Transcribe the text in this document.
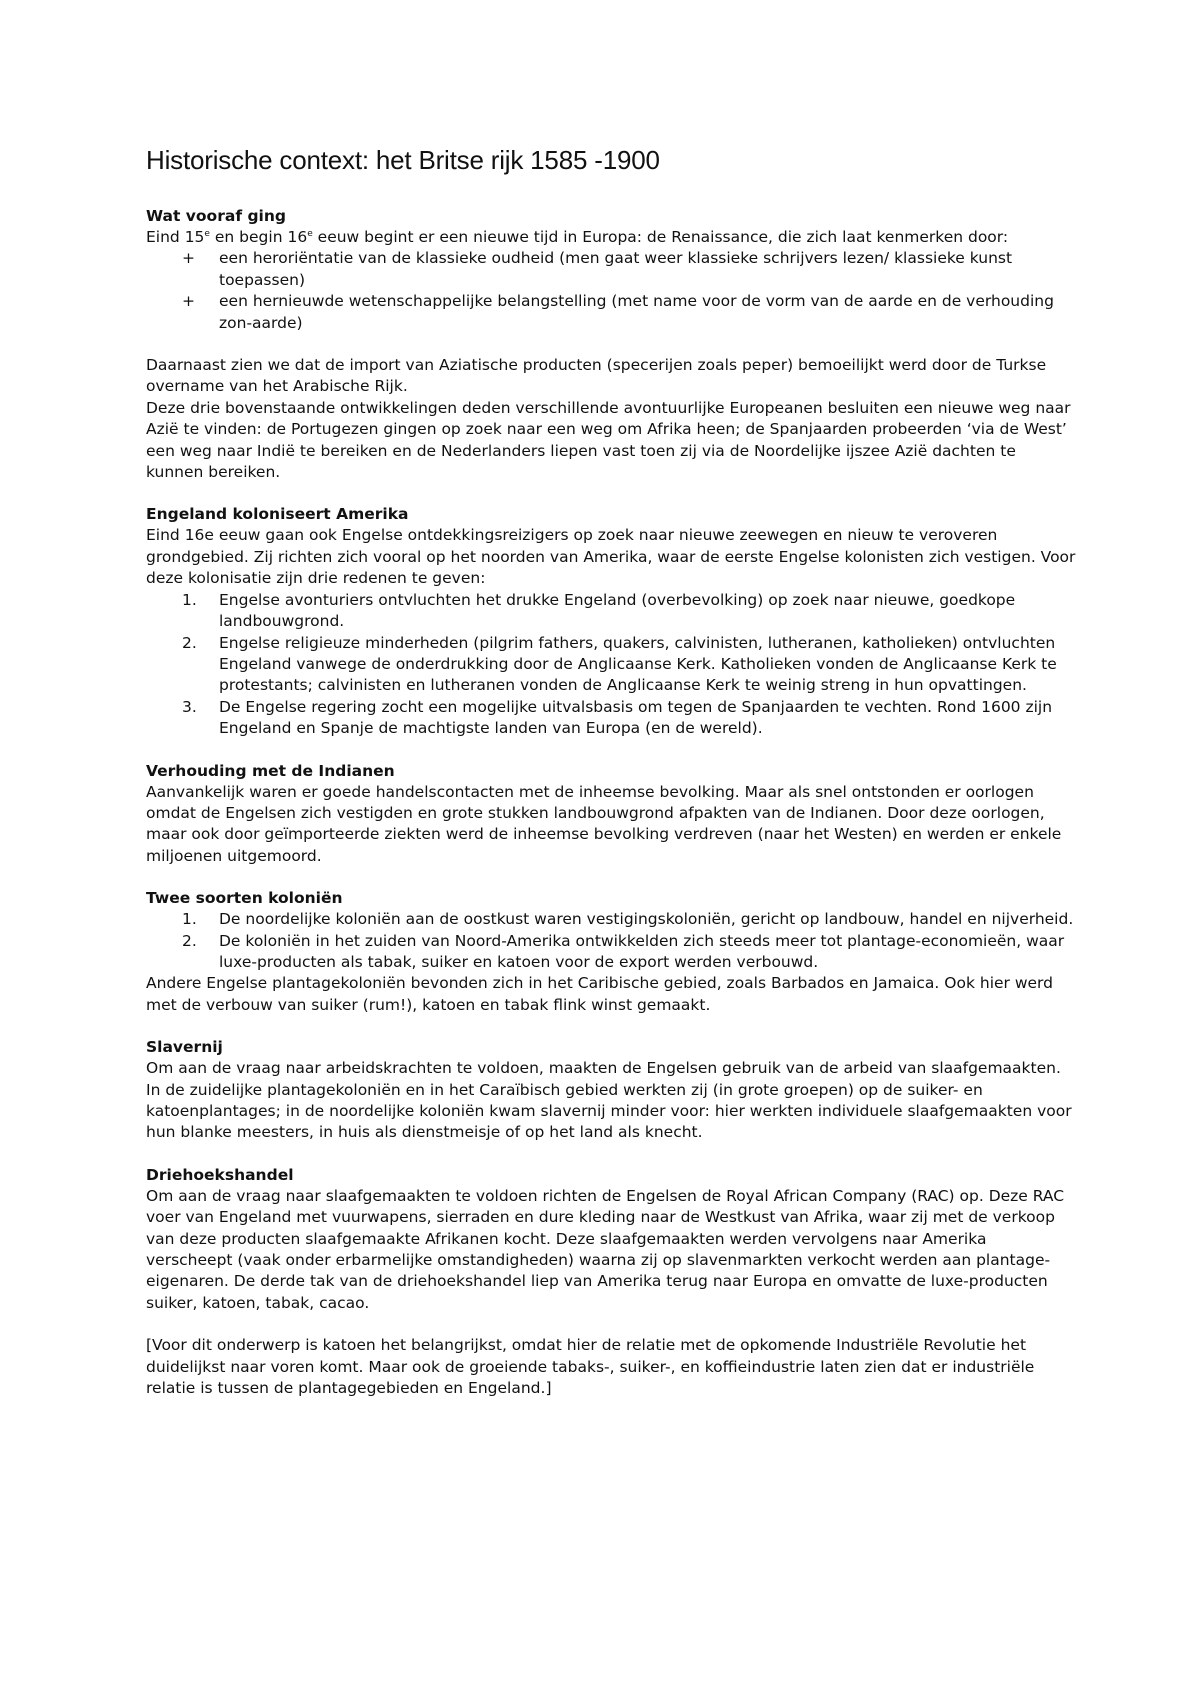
Historische context: het Britse rijk 1585 -1900
Wat vooraf ging

Eind 15e en begin 16e eeuw begint er een nieuwe tijd in Europa: de Renaissance, die zich laat kenmerken door:

+ een heroriëntatie van de klassieke oudheid (men gaat weer klassieke schrijvers lezen/ klassieke kunst toepassen)
+ een hernieuwde wetenschappelijke belangstelling (met name voor de vorm van de aarde en de verhouding zon-aarde)

Daarnaast zien we dat de import van Aziatische producten (specerijen zoals peper) bemoeilijkt werd door de Turkse overname van het Arabische Rijk.

Deze drie bovenstaande ontwikkelingen deden verschillende avontuurlijke Europeanen besluiten een nieuwe weg naar Azië te vinden: de Portugezen gingen op zoek naar een weg om Afrika heen; de Spanjaarden probeerden ‘via de West’ een weg naar Indië te bereiken en de Nederlanders liepen vast toen zij via de Noordelijke ijszee Azië dachten te kunnen bereiken.

Engeland koloniseert Amerika

Eind 16e eeuw gaan ook Engelse ontdekkingsreizigers op zoek naar nieuwe zeewegen en nieuw te veroveren grondgebied. Zij richten zich vooral op het noorden van Amerika, waar de eerste Engelse kolonisten zich vestigen. Voor deze kolonisatie zijn drie redenen te geven:

1. Engelse avonturiers ontvluchten het drukke Engeland (overbevolking) op zoek naar nieuwe, goedkope landbouwgrond.
2. Engelse religieuze minderheden (pilgrim fathers, quakers, calvinisten, lutheranen, katholieken) ontvluchten Engeland vanwege de onderdrukking door de Anglicaanse Kerk. Katholieken vonden de Anglicaanse Kerk te protestants; calvinisten en lutheranen vonden de Anglicaanse Kerk te weinig streng in hun opvattingen.
3. De Engelse regering zocht een mogelijke uitvalsbasis om tegen de Spanjaarden te vechten. Rond 1600 zijn Engeland en Spanje de machtigste landen van Europa (en de wereld).
Verhouding met de Indianen

Aanvankelijk waren er goede handelscontacten met de inheemse bevolking. Maar als snel ontstonden er oorlogen omdat de Engelsen zich vestigden en grote stukken landbouwgrond afpakten van de Indianen. Door deze oorlogen, maar ook door geïmporteerde ziekten werd de inheemse bevolking verdreven (naar het Westen) en werden er enkele miljoenen uitgemoord.

Twee soorten koloniën
1. De noordelijke koloniën aan de oostkust waren vestigingskoloniën, gericht op landbouw, handel en nijverheid.
2. De koloniën in het zuiden van Noord-Amerika ontwikkelden zich steeds meer tot plantage-economieën, waar luxe-producten als tabak, suiker en katoen voor de export werden verbouwd.

Andere Engelse plantagekoloniën bevonden zich in het Caribische gebied, zoals Barbados en Jamaica. Ook hier werd met de verbouw van suiker (rum!), katoen en tabak flink winst gemaakt.

Slavernij

Om aan de vraag naar arbeidskrachten te voldoen, maakten de Engelsen gebruik van de arbeid van slaafgemaakten. In de zuidelijke plantagekoloniën en in het Caraïbisch gebied werkten zij (in grote groepen) op de suiker- en katoenplantages; in de noordelijke koloniën kwam slavernij minder voor: hier werkten individuele slaafgemaakten voor hun blanke meesters, in huis als dienstmeisje of op het land als knecht.

Driehoekshandel

Om aan de vraag naar slaafgemaakten te voldoen richten de Engelsen de Royal African Company (RAC) op. Deze RAC voer van Engeland met vuurwapens, sierraden en dure kleding naar de Westkust van Afrika, waar zij met de verkoop van deze producten slaafgemaakte Afrikanen kocht. Deze slaafgemaakten werden vervolgens naar Amerika verscheept (vaak onder erbarmelijke omstandigheden) waarna zij op slavenmarkten verkocht werden aan plantage-eigenaren. De derde tak van de driehoekshandel liep van Amerika terug naar Europa en omvatte de luxe-producten suiker, katoen, tabak, cacao.

[Voor dit onderwerp is katoen het belangrijkst, omdat hier de relatie met de opkomende Industriële Revolutie het duidelijkst naar voren komt. Maar ook de groeiende tabaks-, suiker-, en koffieindustrie laten zien dat er industriële relatie is tussen de plantagegebieden en Engeland.]
